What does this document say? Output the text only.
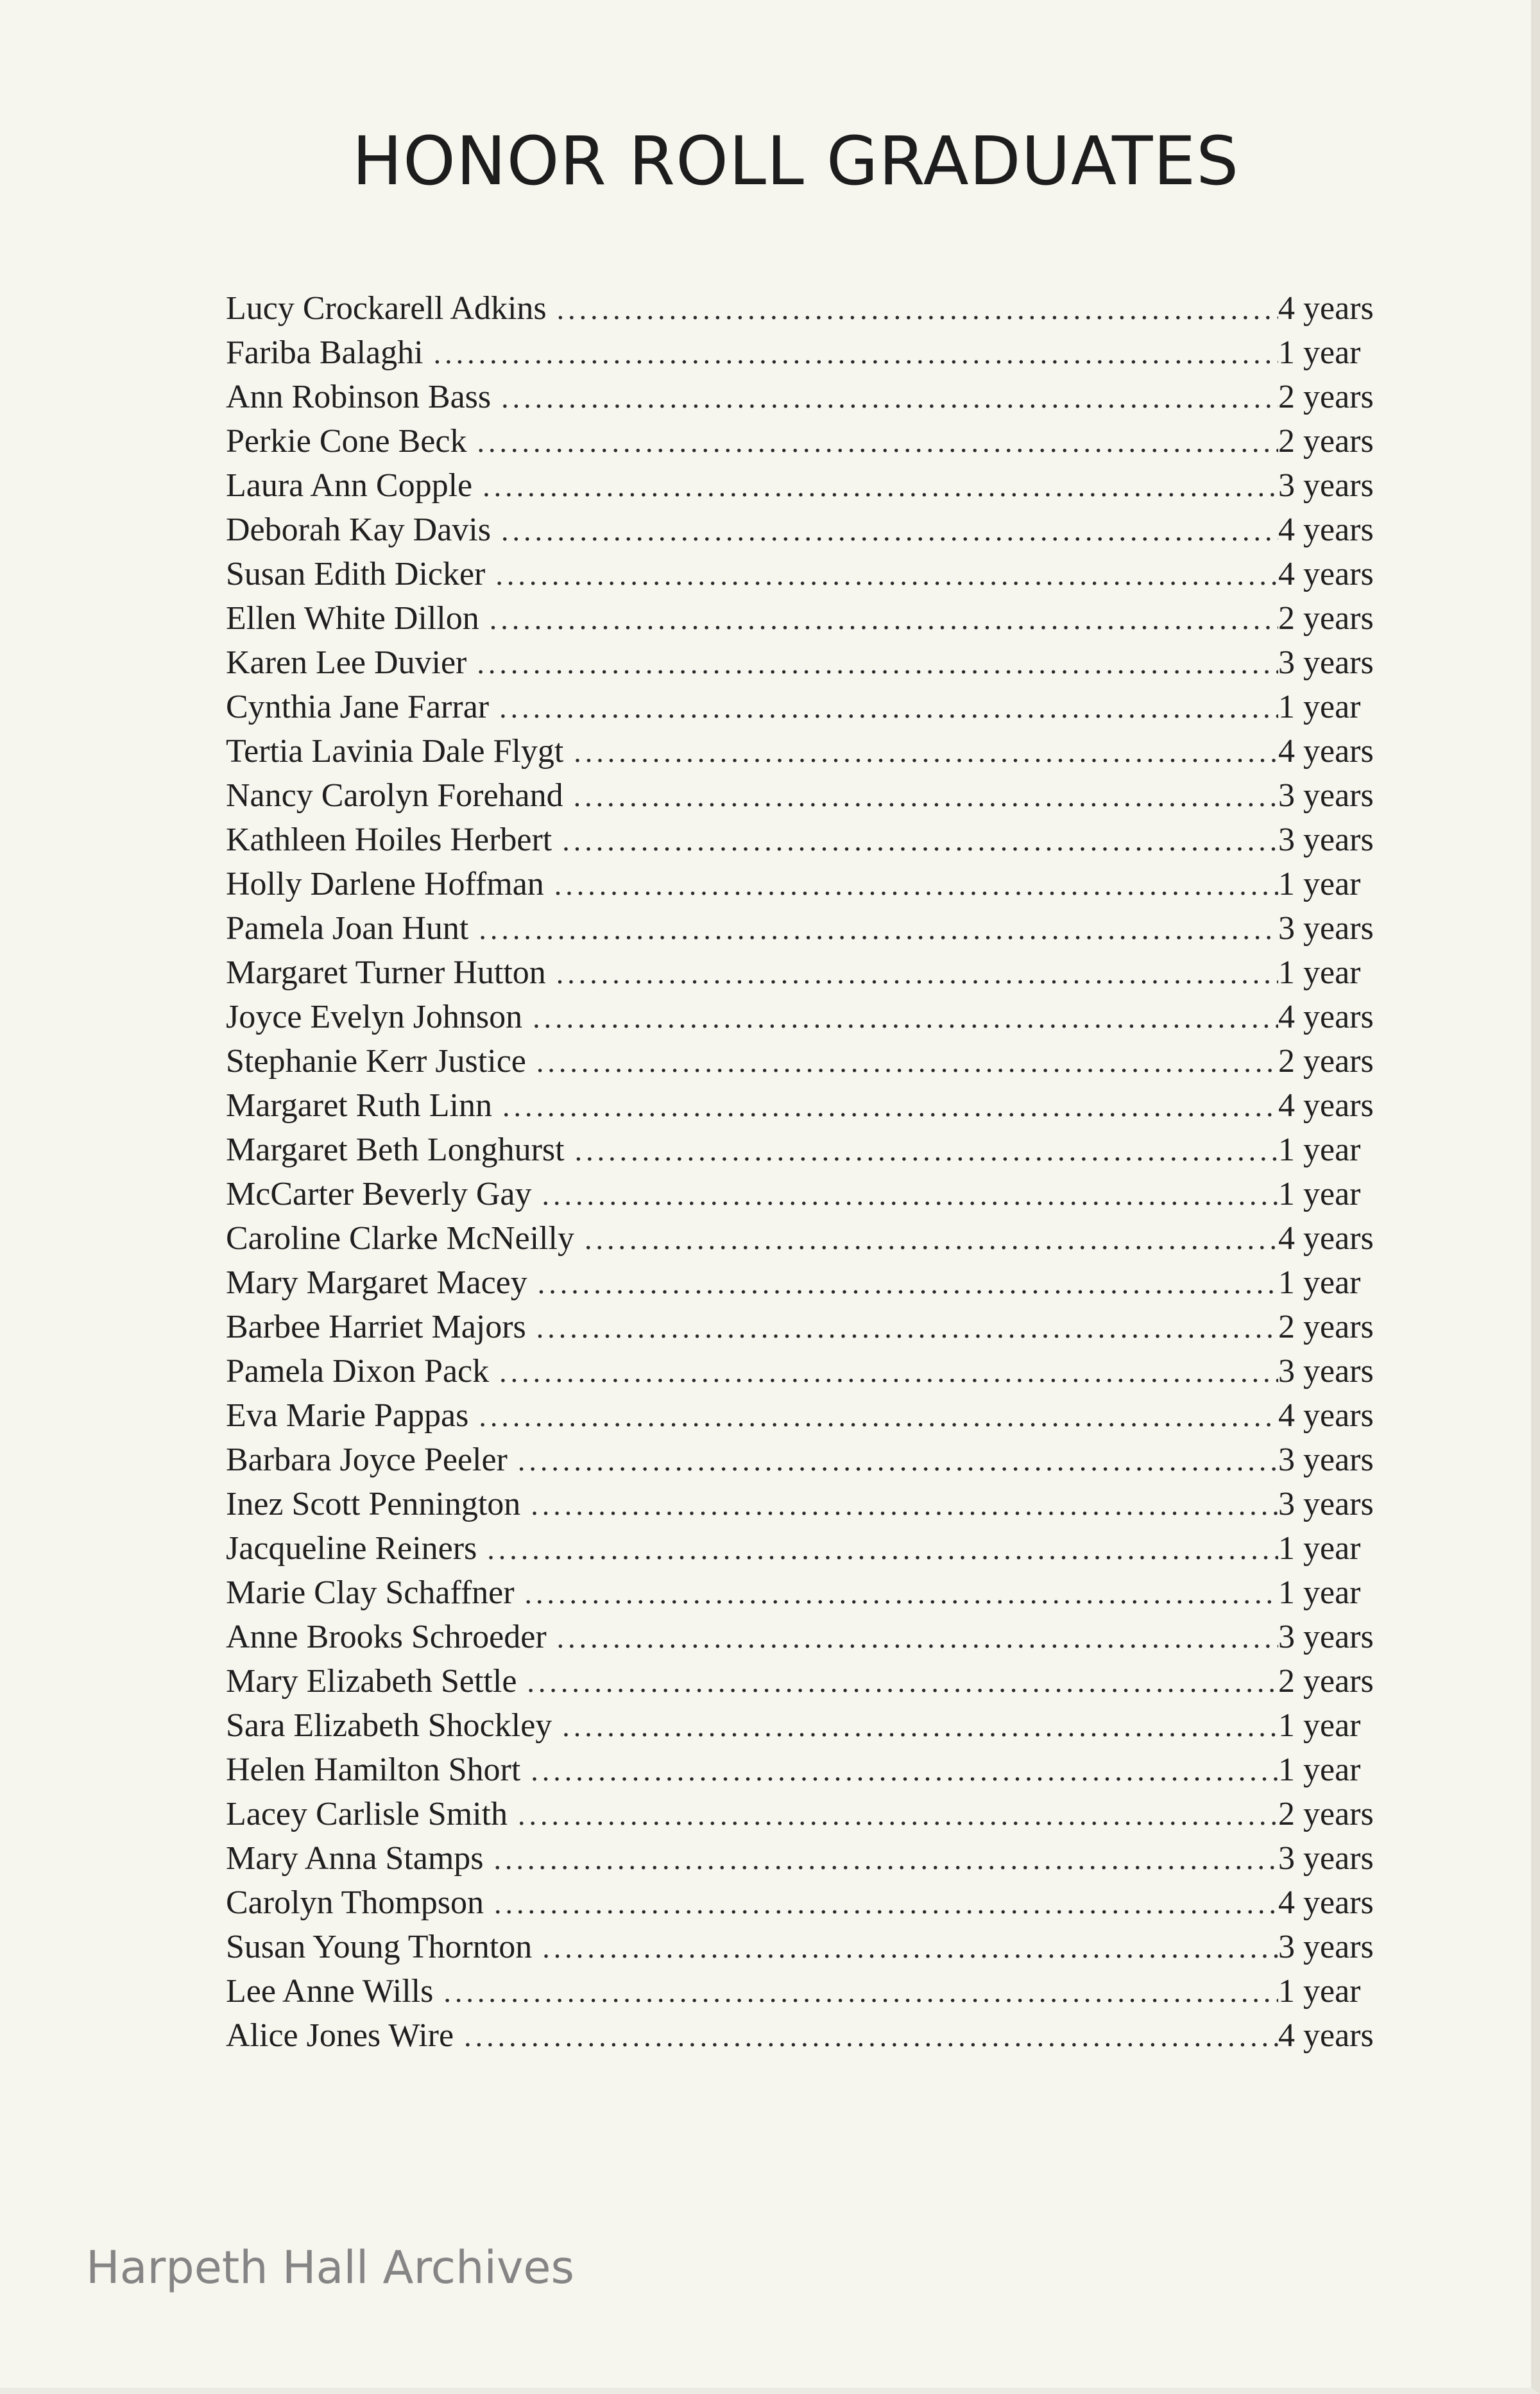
HONOR ROLL GRADUATES
Lucy Crockarell Adkins .....	4 years
Fariba Balaghi .....	1 year
Ann Robinson Bass .....	2 years
Perkie Cone Beck .....	2 years
Laura Ann Copple .....	3 years
Deborah Kay Davis .....	4 years
Susan Edith Dicker .....	4 years
Ellen White Dillon .....	2 years
Karen Lee Duvier .....	3 years
Cynthia Jane Farrar .....	1 year
Tertia Lavinia Dale Flygt .....	4 years
Nancy Carolyn Forehand .....	3 years
Kathleen Hoiles Herbert .....	3 years
Holly Darlene Hoffman .....	1 year
Pamela Joan Hunt .....	3 years
Margaret Turner Hutton .....	1 year
Joyce Evelyn Johnson .....	4 years
Stephanie Kerr Justice .....	2 years
Margaret Ruth Linn .....	4 years
Margaret Beth Longhurst .....	1 year
McCarter Beverly Gay .....	1 year
Caroline Clarke McNeilly .....	4 years
Mary Margaret Macey .....	1 year
Barbee Harriet Majors .....	2 years
Pamela Dixon Pack .....	3 years
Eva Marie Pappas .....	4 years
Barbara Joyce Peeler .....	3 years
Inez Scott Pennington .....	3 years
Jacqueline Reiners .....	1 year
Marie Clay Schaffner .....	1 year
Anne Brooks Schroeder .....	3 years
Mary Elizabeth Settle .....	2 years
Sara Elizabeth Shockley .....	1 year
Helen Hamilton Short .....	1 year
Lacey Carlisle Smith .....	2 years
Mary Anna Stamps .....	3 years
Carolyn Thompson .....	4 years
Susan Young Thornton .....	3 years
Lee Anne Wills .....	1 year
Alice Jones Wire .....	4 years
Harpeth Hall Archives
